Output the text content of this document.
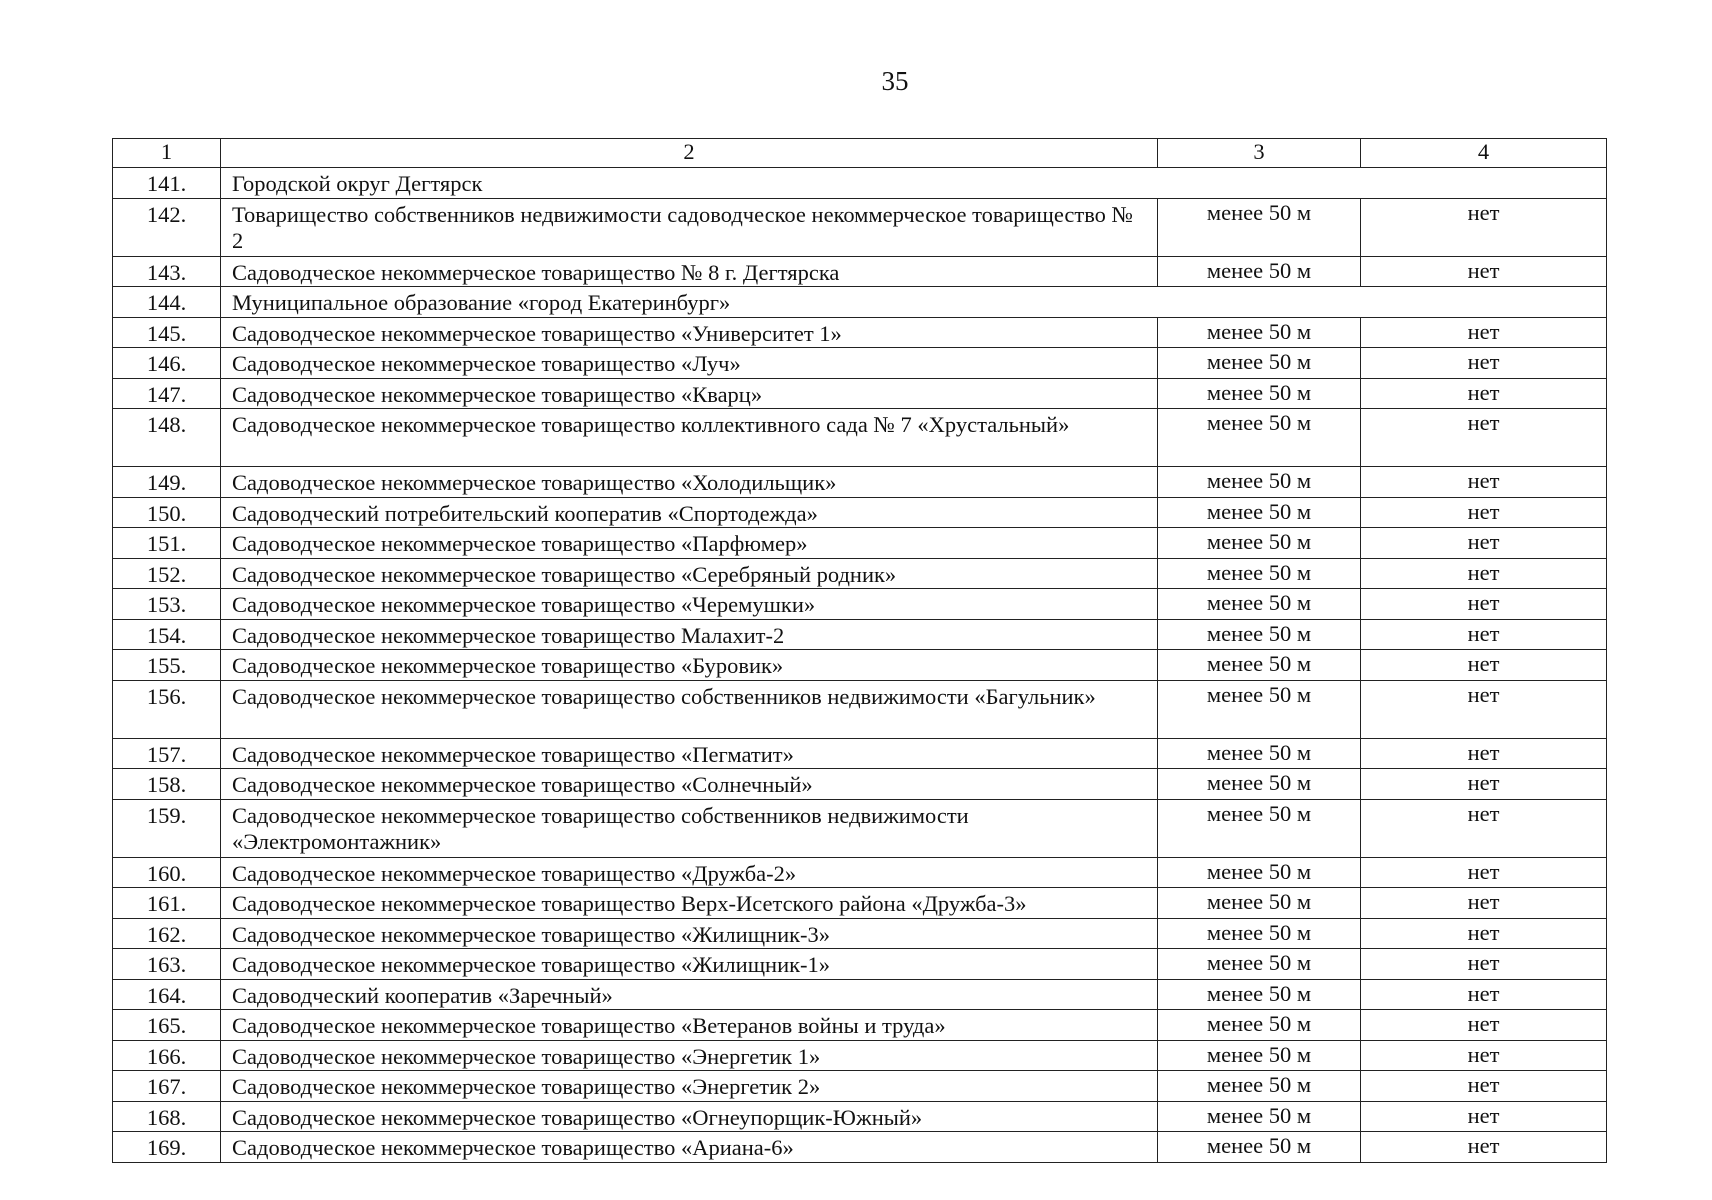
35
1	2	3	4
141.	Городской округ Дегтярск		
142.	Товарищество собственников недвижимости садоводческое некоммерческое товарищество № 2	менее 50 м	нет
143.	Садоводческое некоммерческое товарищество № 8 г. Дегтярска	менее 50 м	нет
144.	Муниципальное образование «город Екатеринбург»		
145.	Садоводческое некоммерческое товарищество «Университет 1»	менее 50 м	нет
146.	Садоводческое некоммерческое товарищество «Луч»	менее 50 м	нет
147.	Садоводческое некоммерческое товарищество «Кварц»	менее 50 м	нет
148.	Садоводческое некоммерческое товарищество коллективного сада № 7 «Хрустальный»	менее 50 м	нет
149.	Садоводческое некоммерческое товарищество «Холодильщик»	менее 50 м	нет
150.	Садоводческий потребительский кооператив «Спортодежда»	менее 50 м	нет
151.	Садоводческое некоммерческое товарищество «Парфюмер»	менее 50 м	нет
152.	Садоводческое некоммерческое товарищество «Серебряный родник»	менее 50 м	нет
153.	Садоводческое некоммерческое товарищество «Черемушки»	менее 50 м	нет
154.	Садоводческое некоммерческое товарищество Малахит-2	менее 50 м	нет
155.	Садоводческое некоммерческое товарищество «Буровик»	менее 50 м	нет
156.	Садоводческое некоммерческое товарищество собственников недвижимости «Багульник»	менее 50 м	нет
157.	Садоводческое некоммерческое товарищество «Пегматит»	менее 50 м	нет
158.	Садоводческое некоммерческое товарищество «Солнечный»	менее 50 м	нет
159.	Садоводческое некоммерческое товарищество собственников недвижимости «Электромонтажник»	менее 50 м	нет
160.	Садоводческое некоммерческое товарищество «Дружба-2»	менее 50 м	нет
161.	Садоводческое некоммерческое товарищество Верх-Исетского района «Дружба-3»	менее 50 м	нет
162.	Садоводческое некоммерческое товарищество «Жилищник-3»	менее 50 м	нет
163.	Садоводческое некоммерческое товарищество «Жилищник-1»	менее 50 м	нет
164.	Садоводческий кооператив «Заречный»	менее 50 м	нет
165.	Садоводческое некоммерческое товарищество «Ветеранов войны и труда»	менее 50 м	нет
166.	Садоводческое некоммерческое товарищество «Энергетик 1»	менее 50 м	нет
167.	Садоводческое некоммерческое товарищество «Энергетик 2»	менее 50 м	нет
168.	Садоводческое некоммерческое товарищество «Огнеупорщик-Южный»	менее 50 м	нет
169.	Садоводческое некоммерческое товарищество «Ариана-6»	менее 50 м	нет
